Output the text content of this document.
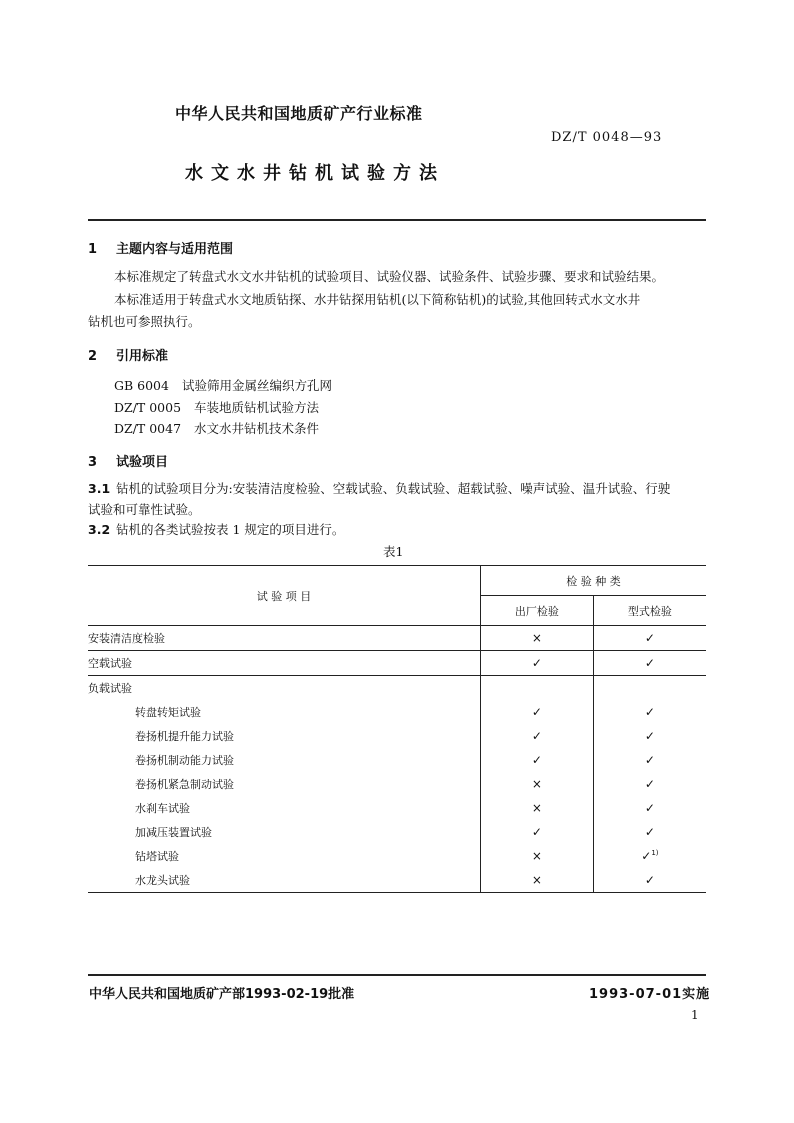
中华人民共和国地质矿产行业标准
DZ/T 0048—93
水文水井钻机试验方法
1 主题内容与适用范围
本标准规定了转盘式水文水井钻机的试验项目、试验仪器、试验条件、试验步骤、要求和试验结果。
本标准适用于转盘式水文地质钻探、水井钻探用钻机(以下简称钻机)的试验,其他回转式水文水井
钻机也可参照执行。
2 引用标准
GB 6004 试验筛用金属丝编织方孔网
DZ/T 0005 车装地质钻机试验方法
DZ/T 0047 水文水井钻机技术条件
3 试验项目
3.1 钻机的试验项目分为:安装清洁度检验、空载试验、负载试验、超载试验、噪声试验、温升试验、行驶
试验和可靠性试验。
3.2 钻机的各类试验按表 1 规定的项目进行。
表1
试 验 项 目	检 验 种 类	
	出厂检验	型式检验
安装清洁度检验	×	✓
空载试验	✓	✓
负载试验		
转盘转矩试验	✓	✓
卷扬机提升能力试验	✓	✓
卷扬机制动能力试验	✓	✓
卷扬机紧急制动试验	×	✓
水刹车试验	×	✓
加减压装置试验	✓	✓
钻塔试验	×	✓$^{1)}$
水龙头试验	×	✓
中华人民共和国地质矿产部1993-02-19批准	1993-07-01实施
1
